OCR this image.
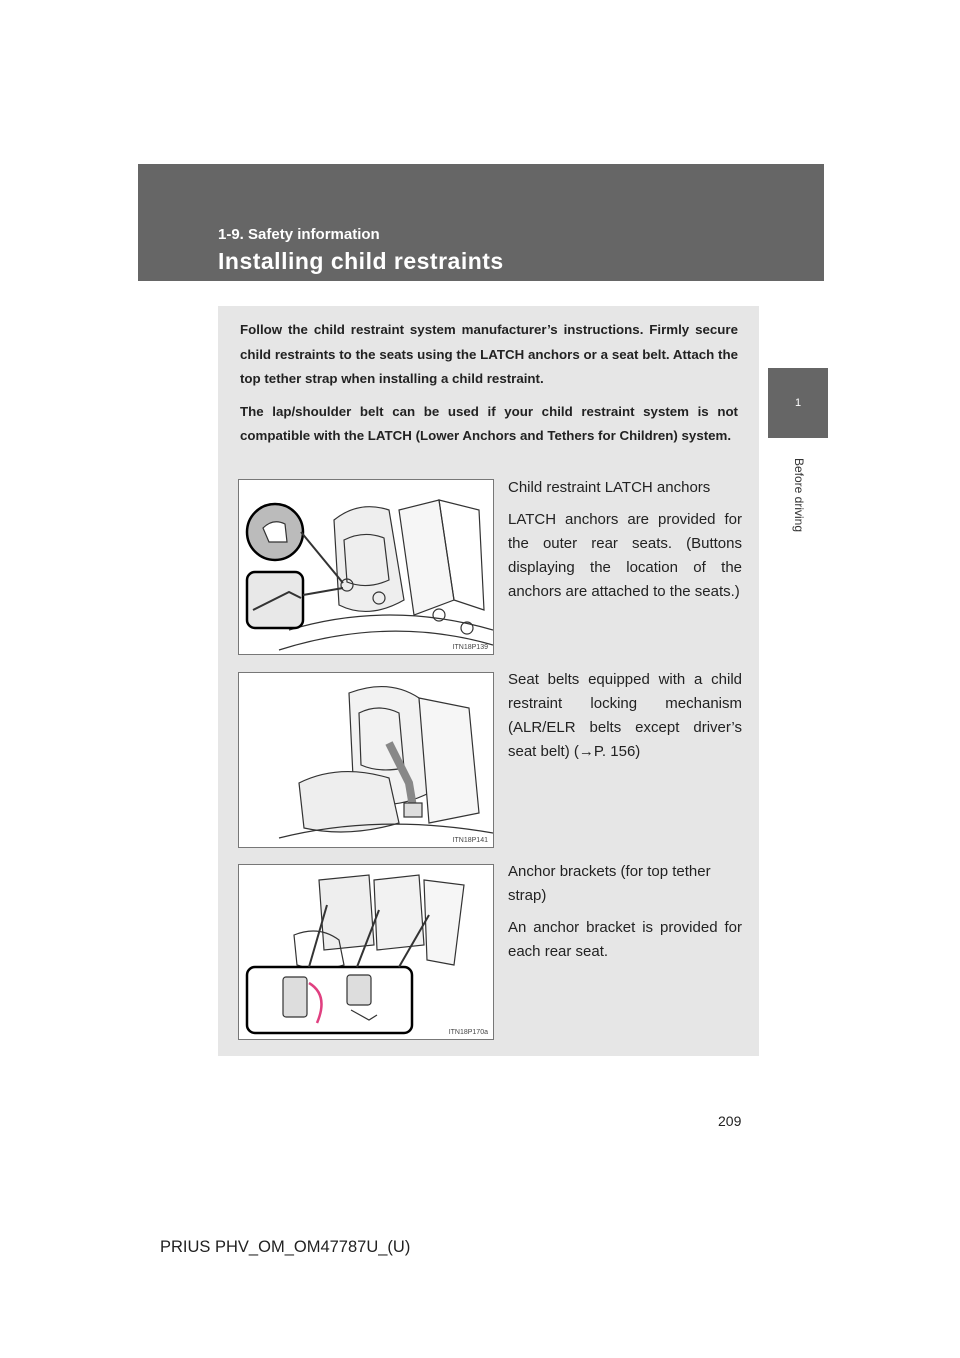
1-9. Safety information
Installing child restraints
1
Before driving

Follow the child restraint system manufacturer’s instructions. Firmly secure child restraints to the seats using the LATCH anchors or a seat belt. Attach the top tether strap when installing a child restraint.

The lap/shoulder belt can be used if your child restraint system is not compatible with the LATCH (Lower Anchors and Tethers for Children) system.

ITN18P139

Child restraint LATCH anchors

LATCH anchors are provided for the outer rear seats. (Buttons displaying the location of the anchors are attached to the seats.)

ITN18P141

Seat belts equipped with a child restraint locking mechanism (ALR/ELR belts except driver’s seat belt) (→P. 156)

ITN18P170a

Anchor brackets (for top tether strap)

An anchor bracket is provided for each rear seat.

209
PRIUS PHV_OM_OM47787U_(U)
